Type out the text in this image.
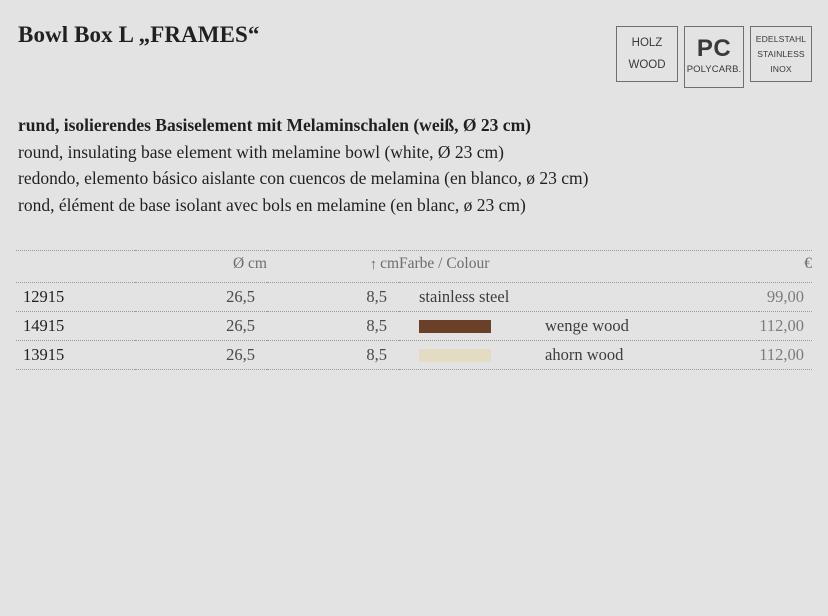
Bowl Box L „FRAMES“	HOLZ
WOOD
PC
POLYCARB.
EDELSTAHL
STAINLESS
INOX
rund, isolierendes Basiselement mit Melaminschalen (weiß, Ø 23 cm)
round, insulating base element with melamine bowl (white, Ø 23 cm)
redondo, elemento básico aislante con cuencos de melamina (en blanco, ø 23 cm)
rond, élément de base isolant avec bols en melamine (en blanc, ø 23 cm)
	Ø cm	↑ cm	Farbe / Colour	€
12915	26,5	8,5	stainless steel	99,00
14915	26,5	8,5	wenge wood	112,00
13915	26,5	8,5	ahorn wood	112,00
